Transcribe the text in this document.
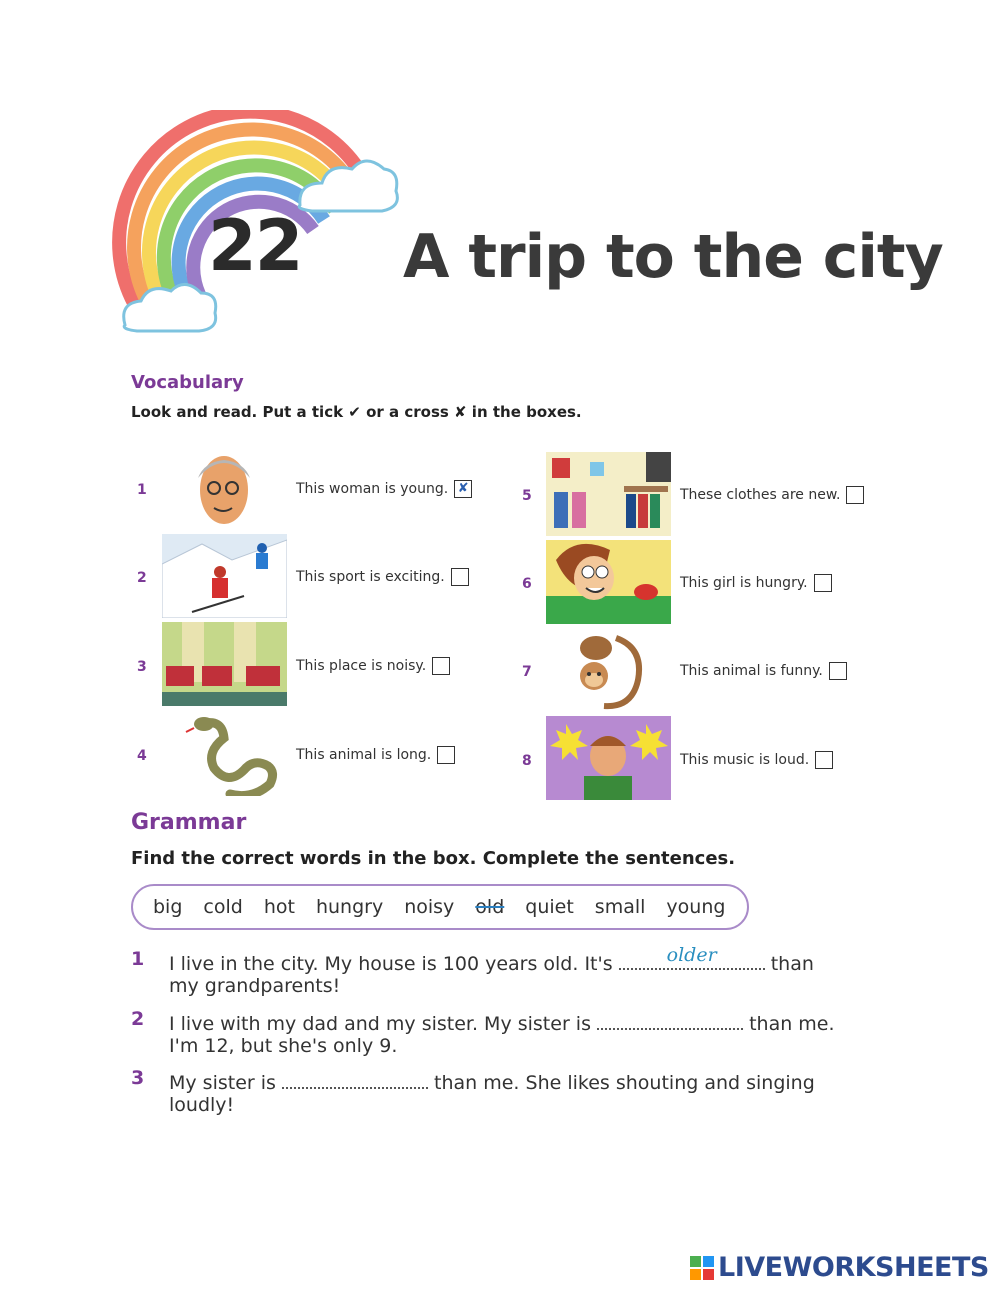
22 A trip to the city
Vocabulary
Look and read. Put a tick ✔ or a cross ✘ in the boxes.
1	This woman is young. ✘
2	This sport is exciting.
3	This place is noisy.
4	This animal is long.
5	These clothes are new.
6	This girl is hungry.
7	This animal is funny.
8	This music is loud.
Grammar
Find the correct words in the box. Complete the sentences.
big cold hot hungry noisy old quiet small young
1 I live in the city. My house is 100 years old. It's	older	than
my grandparents!
2 I live with my dad and my sister. My sister is	than me.
I'm 12, but she's only 9.
3 My sister is	than me. She likes shouting and singing
loudly!
LIVEWORKSHEETS
